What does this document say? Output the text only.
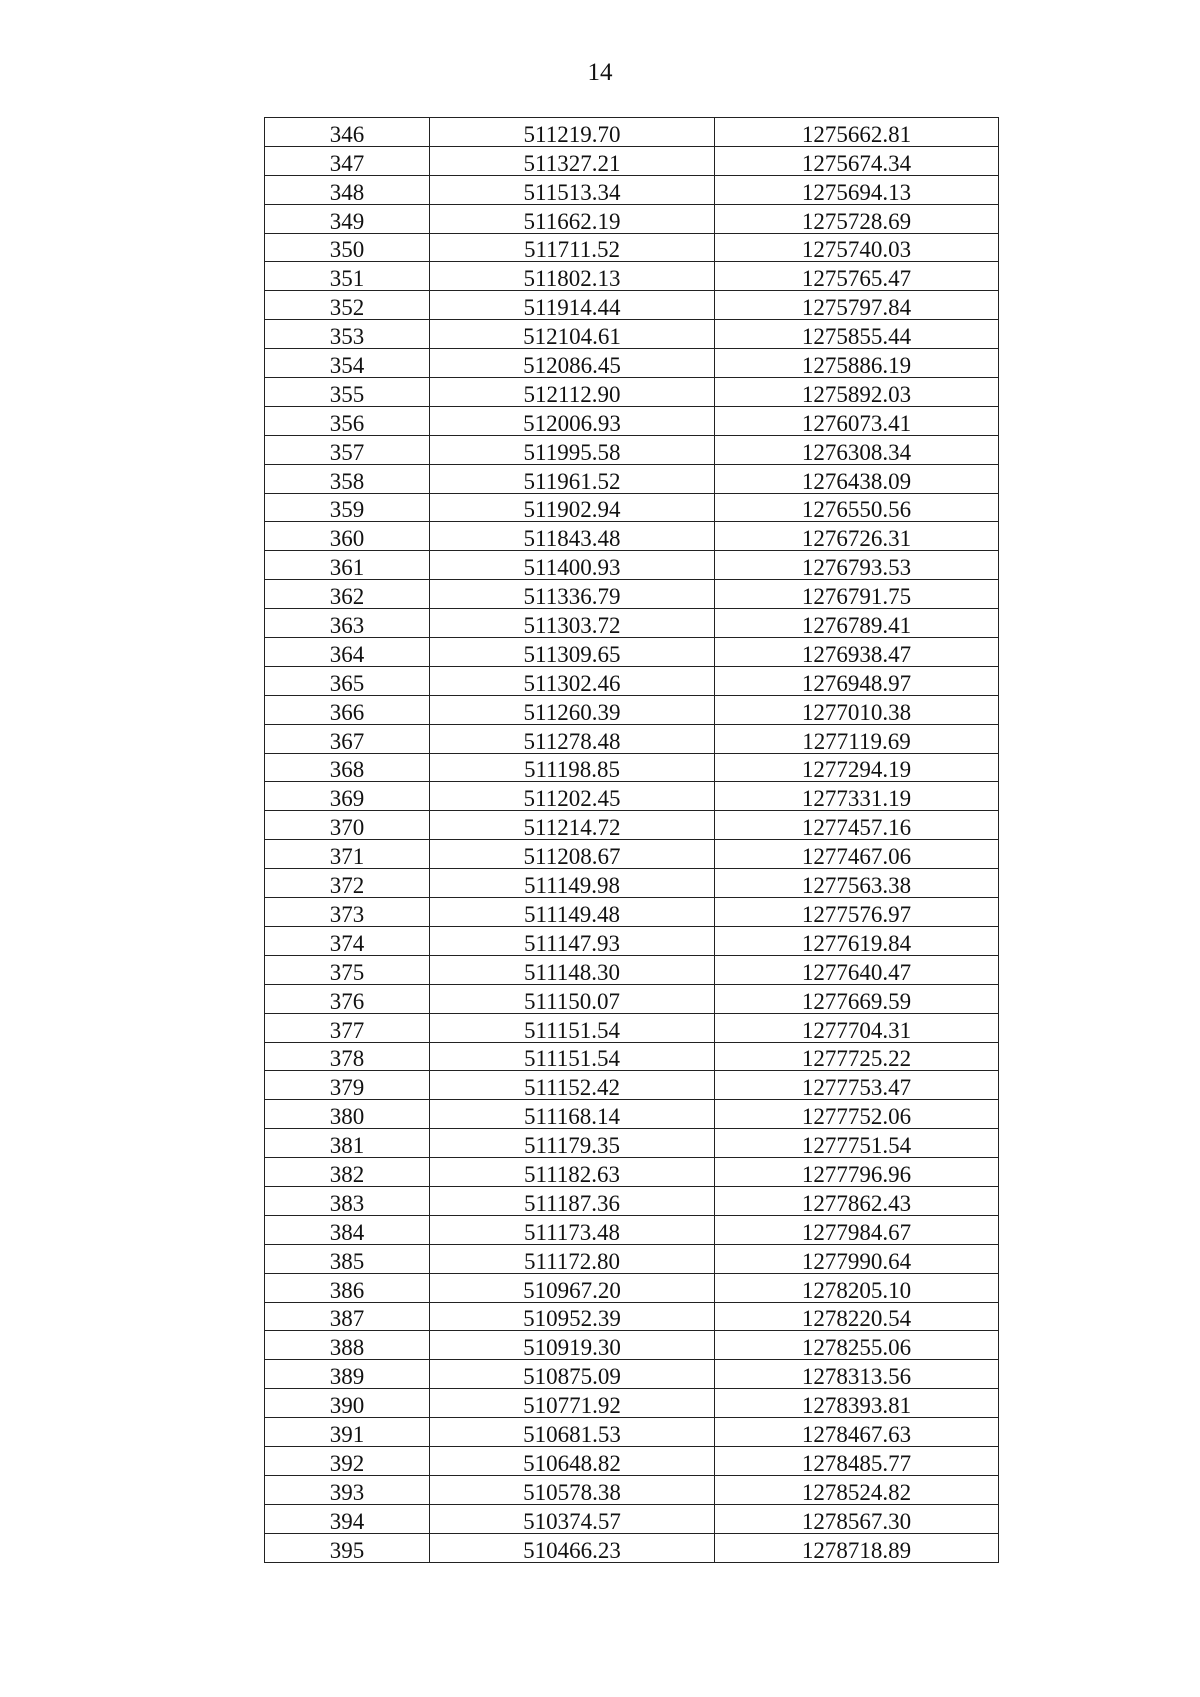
14
346	511219.70	1275662.81
347	511327.21	1275674.34
348	511513.34	1275694.13
349	511662.19	1275728.69
350	511711.52	1275740.03
351	511802.13	1275765.47
352	511914.44	1275797.84
353	512104.61	1275855.44
354	512086.45	1275886.19
355	512112.90	1275892.03
356	512006.93	1276073.41
357	511995.58	1276308.34
358	511961.52	1276438.09
359	511902.94	1276550.56
360	511843.48	1276726.31
361	511400.93	1276793.53
362	511336.79	1276791.75
363	511303.72	1276789.41
364	511309.65	1276938.47
365	511302.46	1276948.97
366	511260.39	1277010.38
367	511278.48	1277119.69
368	511198.85	1277294.19
369	511202.45	1277331.19
370	511214.72	1277457.16
371	511208.67	1277467.06
372	511149.98	1277563.38
373	511149.48	1277576.97
374	511147.93	1277619.84
375	511148.30	1277640.47
376	511150.07	1277669.59
377	511151.54	1277704.31
378	511151.54	1277725.22
379	511152.42	1277753.47
380	511168.14	1277752.06
381	511179.35	1277751.54
382	511182.63	1277796.96
383	511187.36	1277862.43
384	511173.48	1277984.67
385	511172.80	1277990.64
386	510967.20	1278205.10
387	510952.39	1278220.54
388	510919.30	1278255.06
389	510875.09	1278313.56
390	510771.92	1278393.81
391	510681.53	1278467.63
392	510648.82	1278485.77
393	510578.38	1278524.82
394	510374.57	1278567.30
395	510466.23	1278718.89
